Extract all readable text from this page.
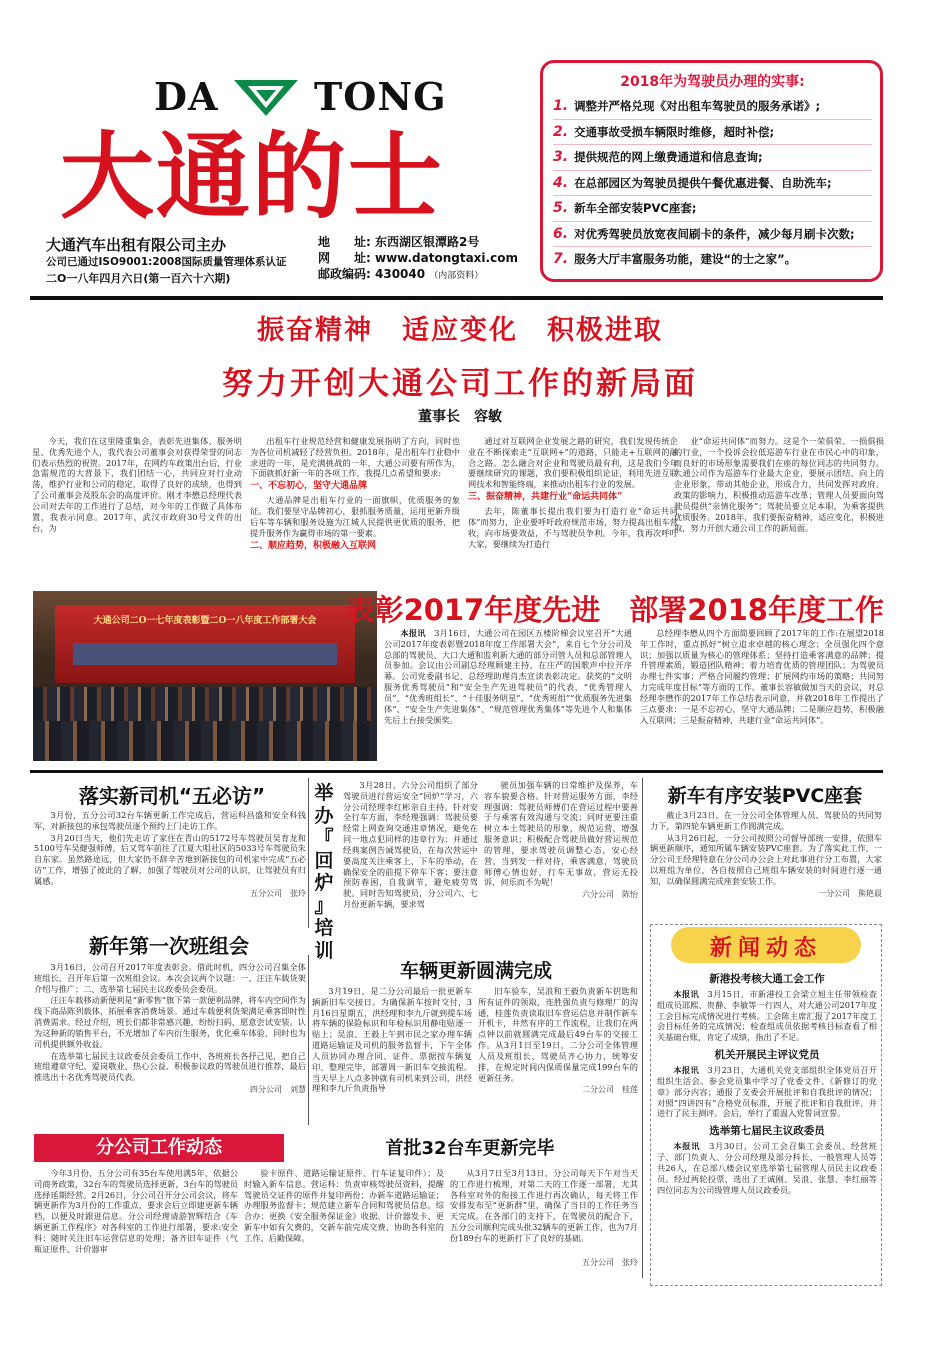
DA	TONG
大通的士
大通汽车出租有限公司主办
公司已通过ISO9001:2008国际质量管理体系认证
二O一八年四月六日(第一百六十六期)
地　　址: 东西湖区银潭路2号
网　　址: www.datongtaxi.com
邮政编码: 430040 （内部资料）
2018年为驾驶员办理的实事:
1. 调整并严格兑现《对出租车驾驶员的服务承诺》;
2. 交通事故受损车辆限时维修，超时补偿;
3. 提供规范的网上缴费通道和信息查询;
4. 在总部园区为驾驶员提供午餐优惠进餐、自助洗车;
5. 新车全部安装PVC座套;
6. 对优秀驾驶员放宽夜间刷卡的条件，减少每月刷卡次数;
7. 服务大厅丰富服务功能，建设“的士之家”。
振奋精神　适应变化　积极进取
努力开创大通公司工作的新局面
董事长　容敏

今天，我们在这里隆重集会，表彰先进集体、服务明星、优秀先进个人，我代表公司董事会对获得荣誉的同志们表示热烈的祝贺。2017年，在网约车政策出台后，行业急需规范的大背景下，我们团结一心，共同应对行业动荡，维护行业和公司的稳定，取得了良好的成绩，也得到了公司董事会及股东会的高度评价。刚才李懋总经理代表公司对去年的工作进行了总结，对今年的工作做了具体布置，我表示同意。2017年，武汉市政府30号文件的出台，为

出租车行业规范经营和健康发展指明了方向，同时也为各位司机减轻了经营负担。2018年，是出租车行业稳中求进的一年，是充满挑战的一年，大通公司要有所作为，下面就抓好新一年的各项工作，我提几点希望和要求:

一、不忘初心，坚守大通品牌

大通品牌是出租车行业的一面旗帜，优质服务的象征。我们要坚守品牌初心，狠抓服务质量，运用更新升级后车等车辆和服务设施为江城人民提供更优质的服务，把提升服务作为赢得市场的第一要素。

二、顺应趋势，积极融入互联网

通过对互联网企业发展之路的研究，我们发现传统企业在不断探索走“互联网+”的道路，只能走+互联网的融合之路。怎么融合对企业和驾驶员最有利，这是我们今年要继续研究的课题，我们要积极组织论证，利用先进互联网技术和智能终端，来推动出租车行业的发展。

三、振奋精神，共建行业“命运共同体”

去年，陈董事长提出我们要为打造行业“命运共同体”而努力，企业要呼吁政府规范市场，努力提高出租车营收，向市场要效益，不与驾驶员争利。今年，我再次呼吁大家，要继续为打造行

业“命运共同体”而努力。这是个一荣俱荣、一损俱损的行业，一个投诉会拉低巡游车行业在市民心中的印象，而良好的市场形象需要我们在座的每位同志的共同努力。大通公司作为巡游车行业最大企业，要展示团结、向上的企业形象，带动其他企业，形成合力，共同发挥对政府、政策的影响力，积极推动巡游车改革；管理人员要面向驾驶员提供“亲情化服务”；驾驶员要立足本职，为乘客提供优质服务。2018年，我们要振奋精神，适应变化，积极进取，努力开创大通公司工作的新局面。

大通公司二O一七年度表彰暨二O一八年度工作部署大会	表彰2017年度先进　部署2018年度工作

本报讯　 3月16日，大通公司在园区五楼阶梯会议室召开“大通公司2017年度表彰暨2018年度工作部署大会”，来自七个分公司及总部的驾驶员、大口大通和监利新大通的部分司管人员和总部管理人员参加。会议由公司副总经理顾建主持，在庄严的国歌声中拉开序幕。公司党委副书记、总经理助理肖杰宣读表彰决定。获奖的“文明服务优秀驾驶员”和“安全生产先进驾驶员”的代表、“优秀管理人员”、“优秀班组长”、“十佳服务明星”、“优秀班组”“优质服务先进集体”、“安全生产先进集体”、“规范管理优秀集体”等先进个人和集体先后上台接受颁奖。

总经理李懋从四个方面简要回顾了2017年的工作:在展望2018年工作时，重点抓好“树立追求卓越的核心理念；全员强化四个意识；加强以质量为核心的管理体系；坚持打造乘客满意的品牌；提升管理素质，锻造团队精神；着力培育优质的管理团队；为驾驶员办理七件实事；严格合同履约管理；扩展网约市场的策略；共同努力完成年度目标”等方面的工作。董事长容敏做加当天的会议，对总经理李懋作的2017年工作总结表示同意，并就2018年工作提出了三点要求：一是不忘初心，坚守大通品牌；二是顺应趋势，积极融入互联网；三是振奋精神，共建行业“命运共同体”。

落实新司机“五必访”

3月份，五分公司32台车辆更新工作完成后，营运科昌盛和安全科钱军，对新接包的承包驾驶员逐个预约上门走访工作。

3月20日当天，他们先走访了家住在青山的5172号车驾驶员吴育龙和5100号车吴健强师傅，后又驾车前往了江夏大咀社区的5033号车驾驶员朱自东家。虽然路途远，但大家仍不辞辛苦地到新接包的司机家中完成“五必访”工作，增强了彼此的了解，加强了驾驶员对公司的认识，让驾驶员有归属感。

五分公司　张玲
举
办
『
回
炉
』
培
训

3月28日，六分公司组织了部分驾驶员进行营运安全“回炉”学习，六分公司经理李红彬亲自主持。针对安全行车方面，李经理强调：驾驶员要经常上网查询交通违章情况，避免在同一地点犯同样的违章行为；并通过经典案例告诫驾驶员，在每次营运中要高度关注乘客上、下车的举动，在确保安全的前提下停车下客；要注意预防春困，自我调节，避免疲劳驾驶。同时告知驾驶员，分公司六、七月份更新车辆，要求驾

驶员加强车辆的日常维护及保养，车容车貌要合格。针对营运服务方面，李经理强调：驾驶员师傅们在营运过程中要善于与乘客有效沟通与交流；同时更要注重树立本土驾驶员的形象，规范运营，增强服务意识；积极配合驾驶员做好营运规范的管理，要求驾驶员调整心态，安心经营，当到发一样对待，乘客满意，驾驶员师傅心情也好，行车无事故，营运无投诉，何乐而不为呢！

六分公司　陈怡
新车有序安装PVC座套

截止3月23日，在一分公司全体管理人员、驾驶员的共同努力下，第四轮车辆更新工作圆满完成。

从3月26日起，一分公司按照公司督导部统一安排，依照车辆更新顺序，通知所属车辆安装PVC座套。为了落实此工作，一分公司王经理特意在分公司办公会上对此事进行分工布置，大家以班组为单位，各自按照自己班组车辆安装的时间进行逐一通知，以确保圆满完成座套安装工作。

一分公司　熊艳晨
新年第一次班组会

3月16日，公司召开2017年度表彰会。借此时机，四分公司召集全体班组长，召开年后第一次班组会议。本次会议两个议题：一、汪汪车载货架介绍与推广；二、选举第七届民主议政委员会委员。

汪汪车载移动新便利是“新零售”旗下第一款便利品牌，将车内空间作为线下商品陈列载体，拓展乘客消费场景。通过车载便利货架满足乘客即时性消费需求。经过介绍，班长们都非常感兴趣，纷纷扫码，愿意尝试安装。认为这种新的销售平台，不光增加了车内衍生服务，优化乘车体验，同时也为司机提供额外收益。

在选举第七届民主议政委员会委员工作中，各班班长各抒己见，把自己班组遵章守纪、爱岗敬业、热心公益、积极参议政的驾驶员进行推荐，最后推选出十名优秀驾驶员代表。

四分公司　刘慧
车辆更新圆满完成

3月19日，是二分公司最后一批更新车辆新旧车交接日。为确保新车按时交付，3月16日星期五，洪经理和李九斤就到提车场将车辆的保险标识和年检标识用静电贴逐一贴上；吴浪、王毅上午到市民之家办理车辆道路运输证及司机的服务监督卡，下午全体人员协同办理合同、证件、票据按车辆复印、整理完毕，部署周一新旧车交接流程。当天早上八点多钟就有司机来到公司，洪经理和李九斤负责指导

旧车验车，吴浪和王毅负责新车钥匙和所有证件的领取，连胜强负责与修理厂的沟通，桂莲负责读取旧车营运信息并制作新车开机卡，井然有序的工作流程，让我们在两点钟以前就圆满完成最后49台车的交接工作。从3月1日至19日，二分公司全体管理人员及班组长、驾驶员齐心协力，统筹安排，在规定时间内保质保量完成199台车的更新任务。

二分公司　桂莲
新闻动态
新港投考核大通工会工作
本报讯　 3月15日，市新港投工会梁立旭主任带领检查组成员邵熙、贵静、李敏等一行四人，对大通公司2017年度工会目标完成情况进行考核。工会陈主席汇报了2017年度工会目标任务的完成情况；检查组成员依据考核目标查看了相关基础台账，肯定了成绩，指出了不足。
机关开展民主评议党员
本报讯　 3月23日，大通机关党支部组织全体党员召开组织生活会。参会党员集中学习了党委文件、《新修订的党章》部分内容；通报了支委会开展批评和自我批评的情况；对照“四讲四有”合格党员标准，开展了批评和自我批评，并进行了民主测评。会后，举行了重温入党誓词宣誓。
选举第七届民主议政委员
本报讯　 3月30日，公司工会召集工会委员、经营班子、部门负责人、分公司经理及部分科长、一般管理人员等共26人，在总部八楼会议室选举第七届管理人员民主议政委员。经过两轮投票，选出了王诚刚、吴浪、张慧、李红丽等四位同志为公司级管理人员议政委员。
分公司工作动态	首批32台车更新完毕

今年3月份，五分公司有35台车使用满5年，依据公司商务政策，32台车的驾驶员选择更新，3台车的驾驶员选择延期经营。2月26日，分公司召开分公司会议，将车辆更新作为3月份的工作重点，要求会后立即建更新车辆档，以便及时跟进信息。分公司经理请游智辉结合《车辆更新工作程序》对各科室的工作进行部署，要求:安全科：随时关注旧车运营信息的处理；备齐旧车证件（气瓶证原件、计价器审

验卡原件、道路运输证原件、行车证复印件）；及时输入新车信息。营运科：负责审核驾驶员资料，提醒驾驶员交证件的原件并复印两份；办新车道路运输证；办理服务监督卡；规范建立新车合同和驾驶员信息。综合办：更换《安全服务保证金》收据、计价器发卡、更新车中如有欠费的，交新车前完成交费、协助各科室的工作、后勤保障。

从3月7日至3月13日，分公司每天下午对当天的工作进行梳理，对第二天的工作逐一部署，尤其各科室对外的衔接工作进行再次确认，每天将工作安排发布至“更新群”里，确保了当日的工作任务当天完成。在各部门的支持下，在驾驶员的配合下，五分公司顺利完成头批32辆车的更新工作，也为7月份189台车的更新打下了良好的基础。

五分公司　张玲
